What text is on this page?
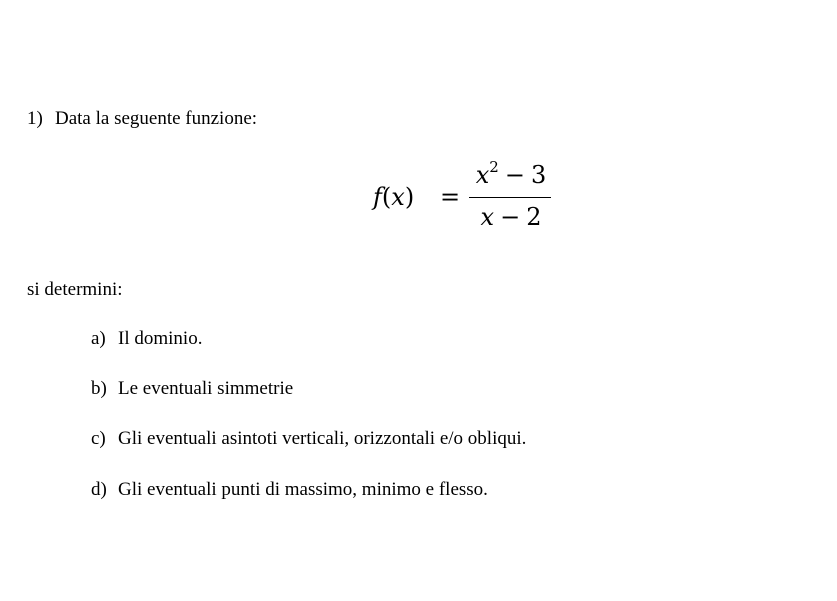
1) Data la seguente funzione:
f(x) =
$x^2 - 3$
x − 2
si determini:
a) Il dominio.
b) Le eventuali simmetrie
c) Gli eventuali asintoti verticali, orizzontali e/o obliqui.
d) Gli eventuali punti di massimo, minimo e flesso.
